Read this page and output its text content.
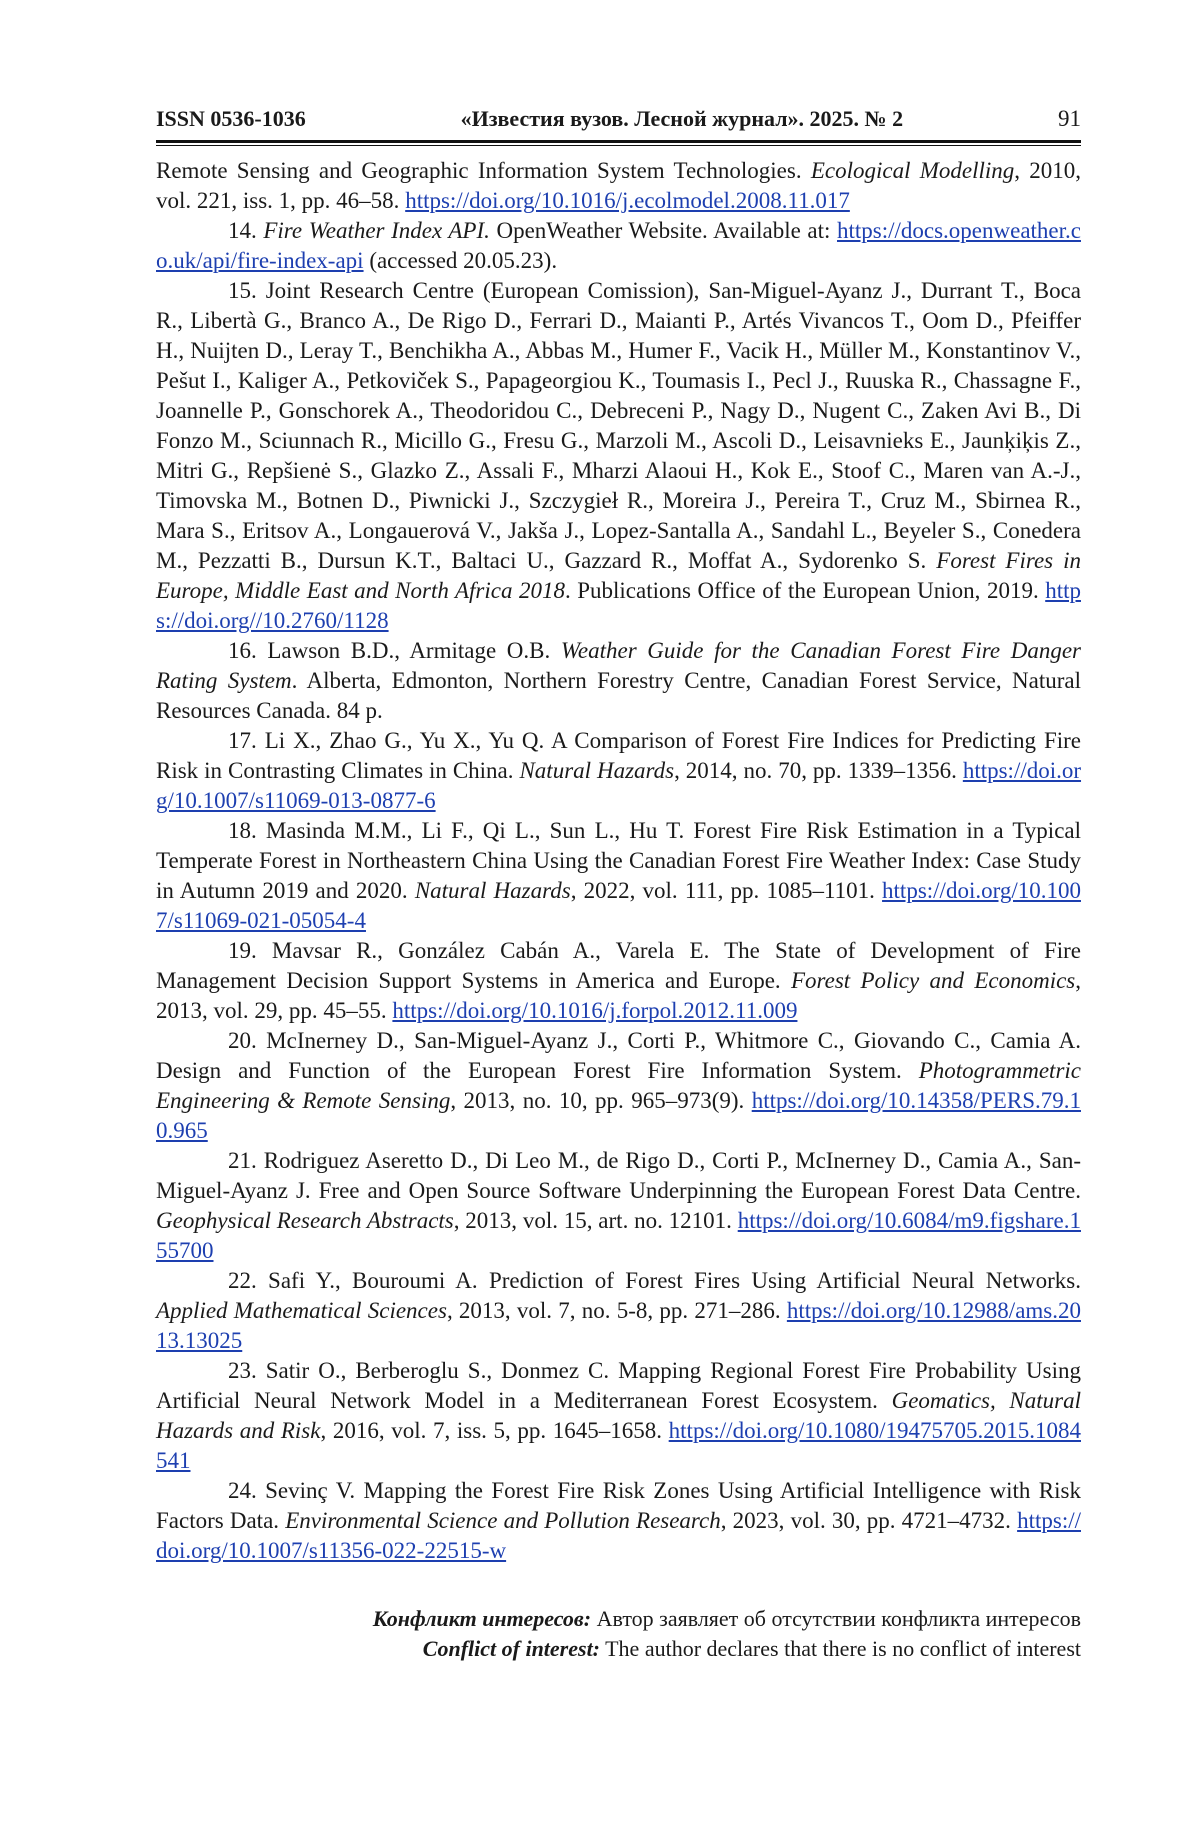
ISSN 0536-1036	«Известия вузов. Лесной журнал». 2025. № 2	91

Remote Sensing and Geographic Information System Technologies. Ecological Modelling, 2010, vol. 221, iss. 1, pp. 46–58. https://doi.org/10.1016/j.ecolmodel.2008.11.017

14. Fire Weather Index API. OpenWeather Website. Available at: https://docs.openweather.co.uk/api/fire-index-api (accessed 20.05.23).

15. Joint Research Centre (European Comission), San-Miguel-Ayanz J., Durrant T., Boca R., Libertà G., Branco A., De Rigo D., Ferrari D., Maianti P., Artés Vivancos T., Oom D., Pfeiffer H., Nuijten D., Leray T., Benchikha A., Abbas M., Humer F., Vacik H., Müller M., Konstantinov V., Pešut I., Kaliger A., Petkoviček S., Papageorgiou K., Toumasis I., Pecl J., Ruuska R., Chassagne F., Joannelle P., Gonschorek A., Theodoridou C., Debreceni P., Nagy D., Nugent C., Zaken Avi B., Di Fonzo M., Sciunnach R., Micillo G., Fresu G., Marzoli M., Ascoli D., Leisavnieks E., Jaunķiķis Z., Mitri G., Repšienė S., Glazko Z., Assali F., Mharzi Alaoui H., Kok E., Stoof C., Maren van A.-J., Timovska M., Botnen D., Piwnicki J., Szczygieł R., Moreira J., Pereira T., Cruz M., Sbirnea R., Mara S., Eritsov A., Longauerová V., Jakša J., Lopez-Santalla A., Sandahl L., Beyeler S., Conedera M., Pezzatti B., Dursun K.T., Baltaci U., Gazzard R., Moffat A., Sydorenko S. Forest Fires in Europe, Middle East and North Africa 2018. Publications Office of the European Union, 2019. https://doi.org//10.2760/1128

16. Lawson B.D., Armitage O.B. Weather Guide for the Canadian Forest Fire Danger Rating System. Alberta, Edmonton, Northern Forestry Centre, Canadian Forest Service, Natural Resources Canada. 84 p.

17. Li X., Zhao G., Yu X., Yu Q. A Comparison of Forest Fire Indices for Predicting Fire Risk in Contrasting Climates in China. Natural Hazards, 2014, no. 70, pp. 1339–1356. https://doi.org/10.1007/s11069-013-0877-6

18. Masinda M.M., Li F., Qi L., Sun L., Hu T. Forest Fire Risk Estimation in a Typical Temperate Forest in Northeastern China Using the Canadian Forest Fire Weather Index: Case Study in Autumn 2019 and 2020. Natural Hazards, 2022, vol. 111, pp. 1085–1101. https://doi.org/10.1007/s11069-021-05054-4

19. Mavsar R., González Cabán A., Varela E. The State of Development of Fire Management Decision Support Systems in America and Europe. Forest Policy and Economics, 2013, vol. 29, pp. 45–55. https://doi.org/10.1016/j.forpol.2012.11.009

20. McInerney D., San-Miguel-Ayanz J., Corti P., Whitmore C., Giovando C., Camia A. Design and Function of the European Forest Fire Information System. Photogrammetric Engineering & Remote Sensing, 2013, no. 10, pp. 965–973(9). https://doi.org/10.14358/PERS.79.10.965

21. Rodriguez Aseretto D., Di Leo M., de Rigo D., Corti P., McInerney D., Camia A., San-Miguel-Ayanz J. Free and Open Source Software Underpinning the European Forest Data Centre. Geophysical Research Abstracts, 2013, vol. 15, art. no. 12101. https://doi.org/10.6084/m9.figshare.155700

22. Safi Y., Bouroumi A. Prediction of Forest Fires Using Artificial Neural Networks. Applied Mathematical Sciences, 2013, vol. 7, no. 5-8, pp. 271–286. https://doi.org/10.12988/ams.2013.13025

23. Satir O., Berberoglu S., Donmez C. Mapping Regional Forest Fire Probability Using Artificial Neural Network Model in a Mediterranean Forest Ecosystem. Geomatics, Natural Hazards and Risk, 2016, vol. 7, iss. 5, pp. 1645–1658. https://doi.org/10.1080/19475705.2015.1084541

24. Sevinç V. Mapping the Forest Fire Risk Zones Using Artificial Intelligence with Risk Factors Data. Environmental Science and Pollution Research, 2023, vol. 30, pp. 4721–4732. https://doi.org/10.1007/s11356-022-22515-w

Конфликт интересов: Автор заявляет об отсутствии конфликта интересов

Conflict of interest: The author declares that there is no conflict of interest
